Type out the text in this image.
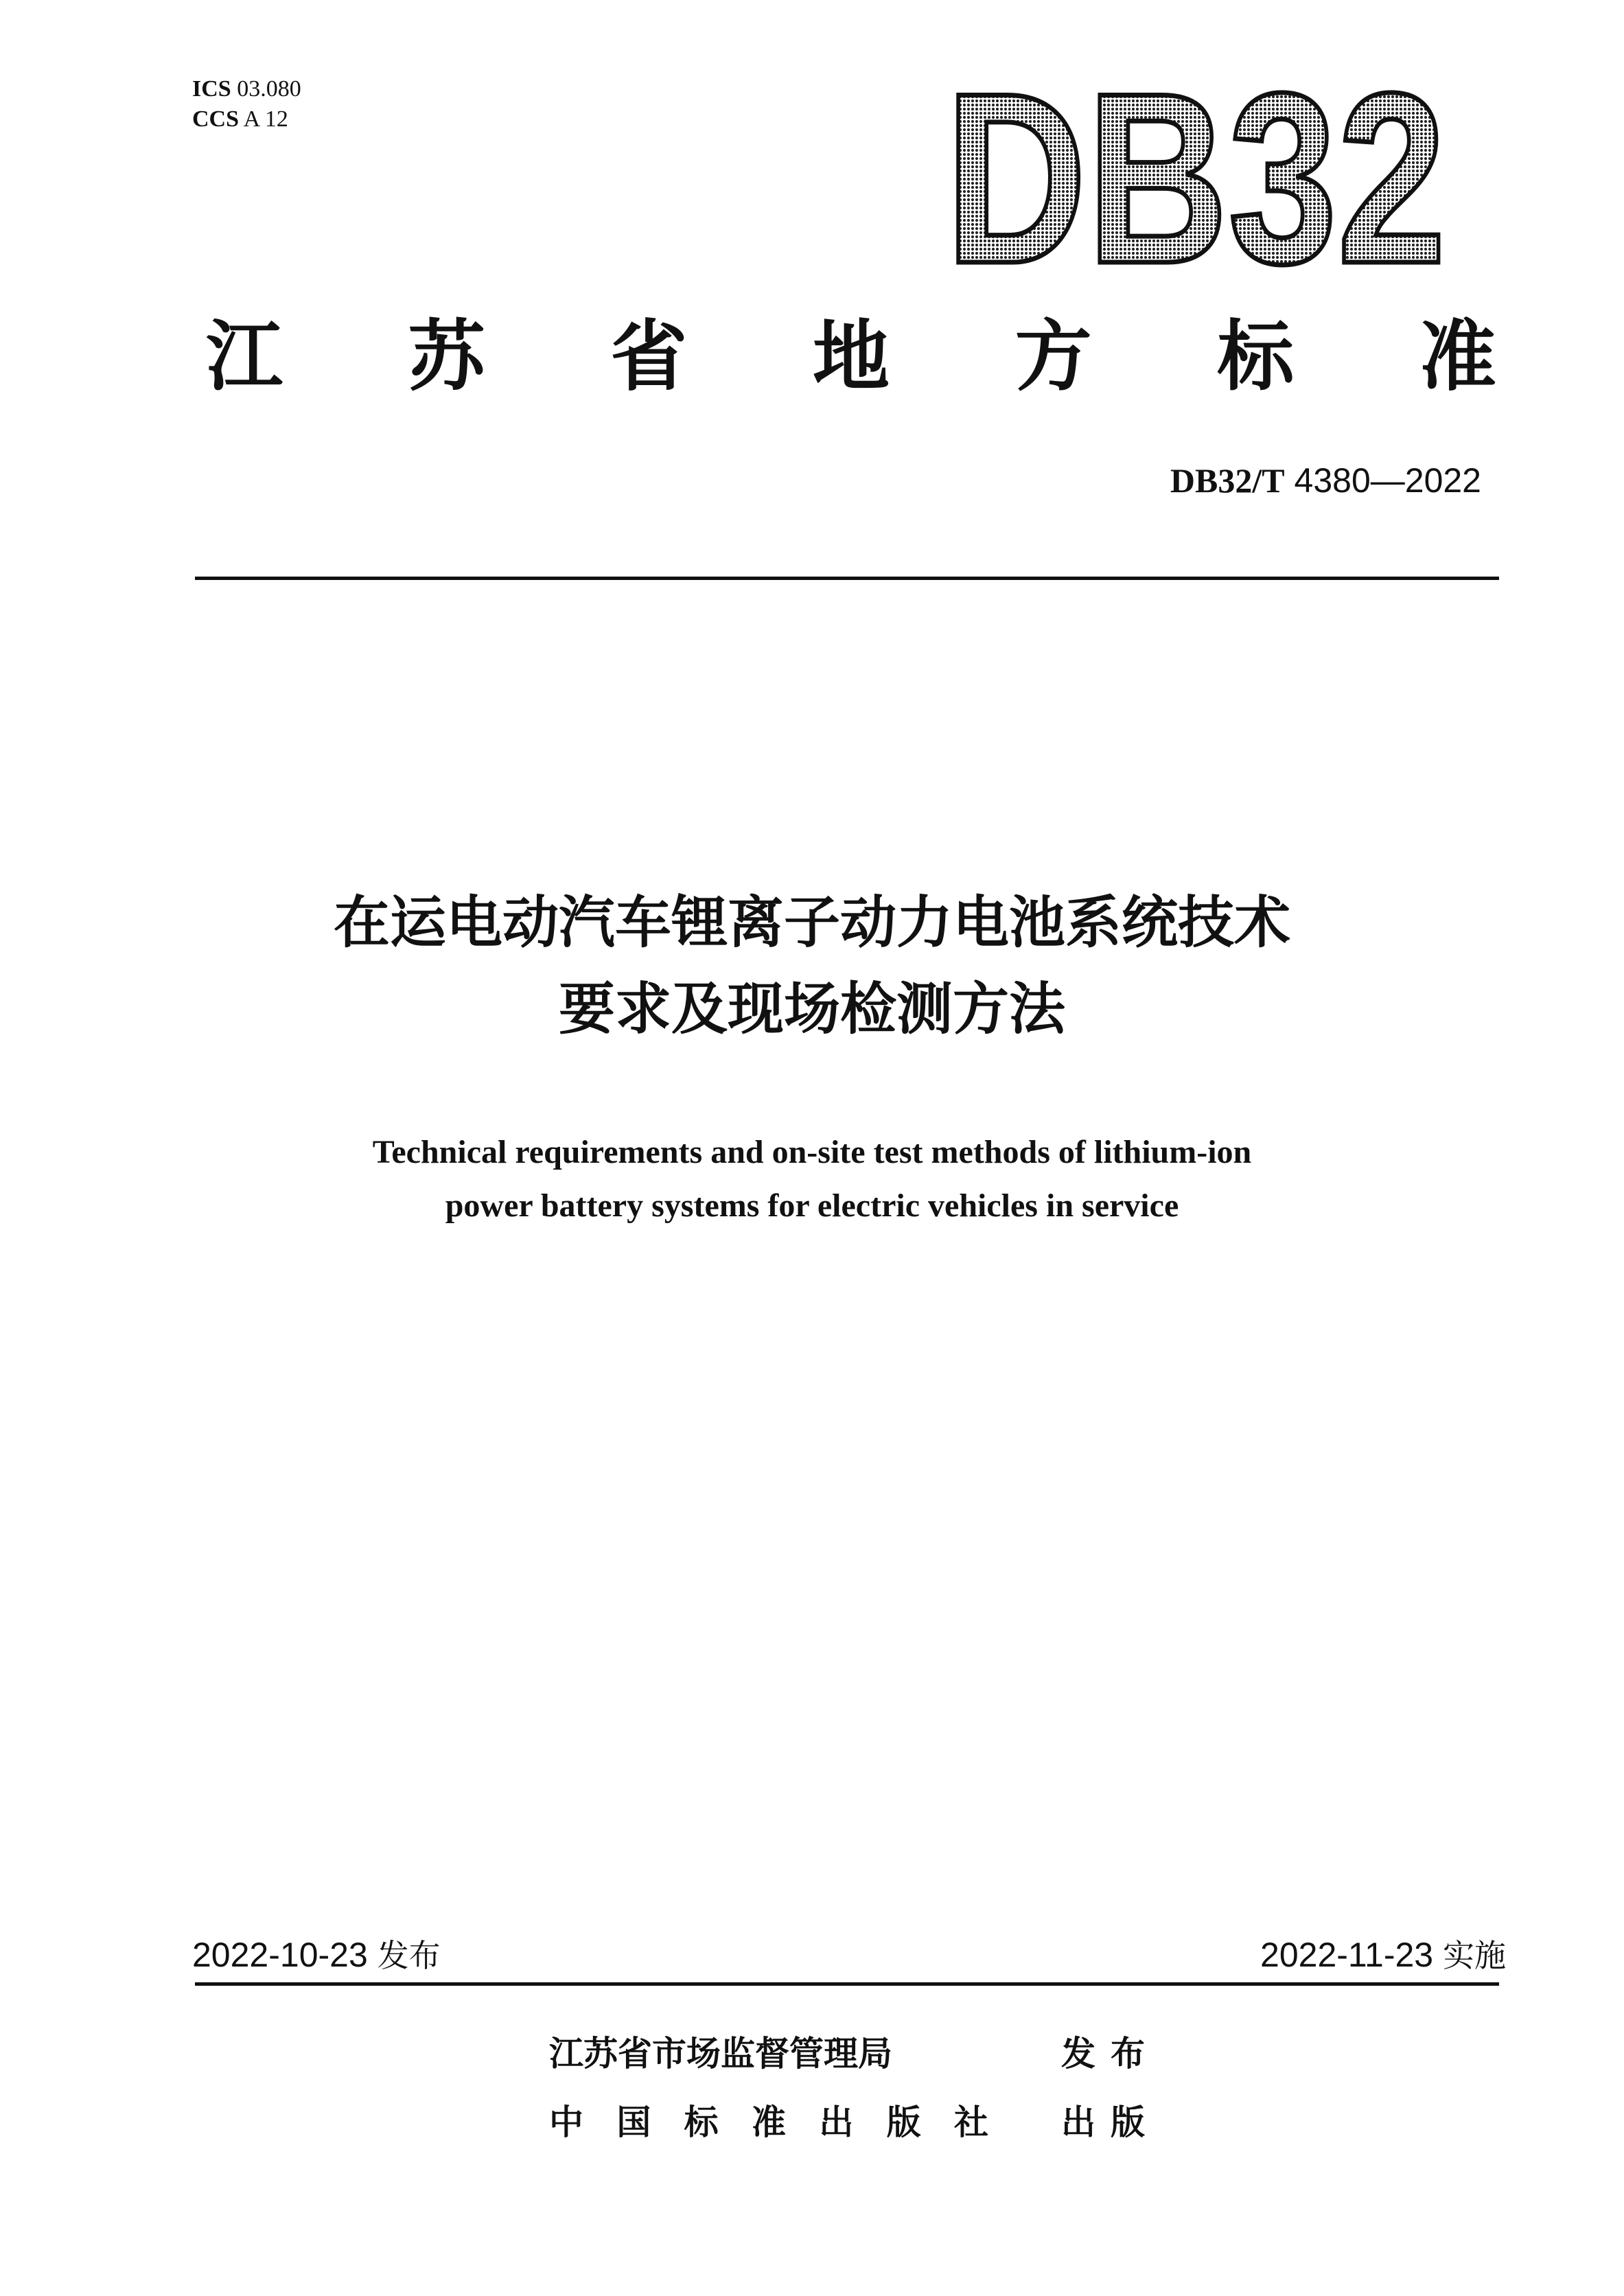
ICS 03.080
CCS A 12	DB32
江 苏 省 地 方 标 准
DB32/T 4380—2022
在运电动汽车锂离子动力电池系统技术
要求及现场检测方法
Technical requirements and on-site test methods of lithium-ion
power battery systems for electric vehicles in service
2022-10-23 发布	2022-11-23 实施
江苏省市场监督管理局	发布
中 国 标 准 出 版 社 出版
